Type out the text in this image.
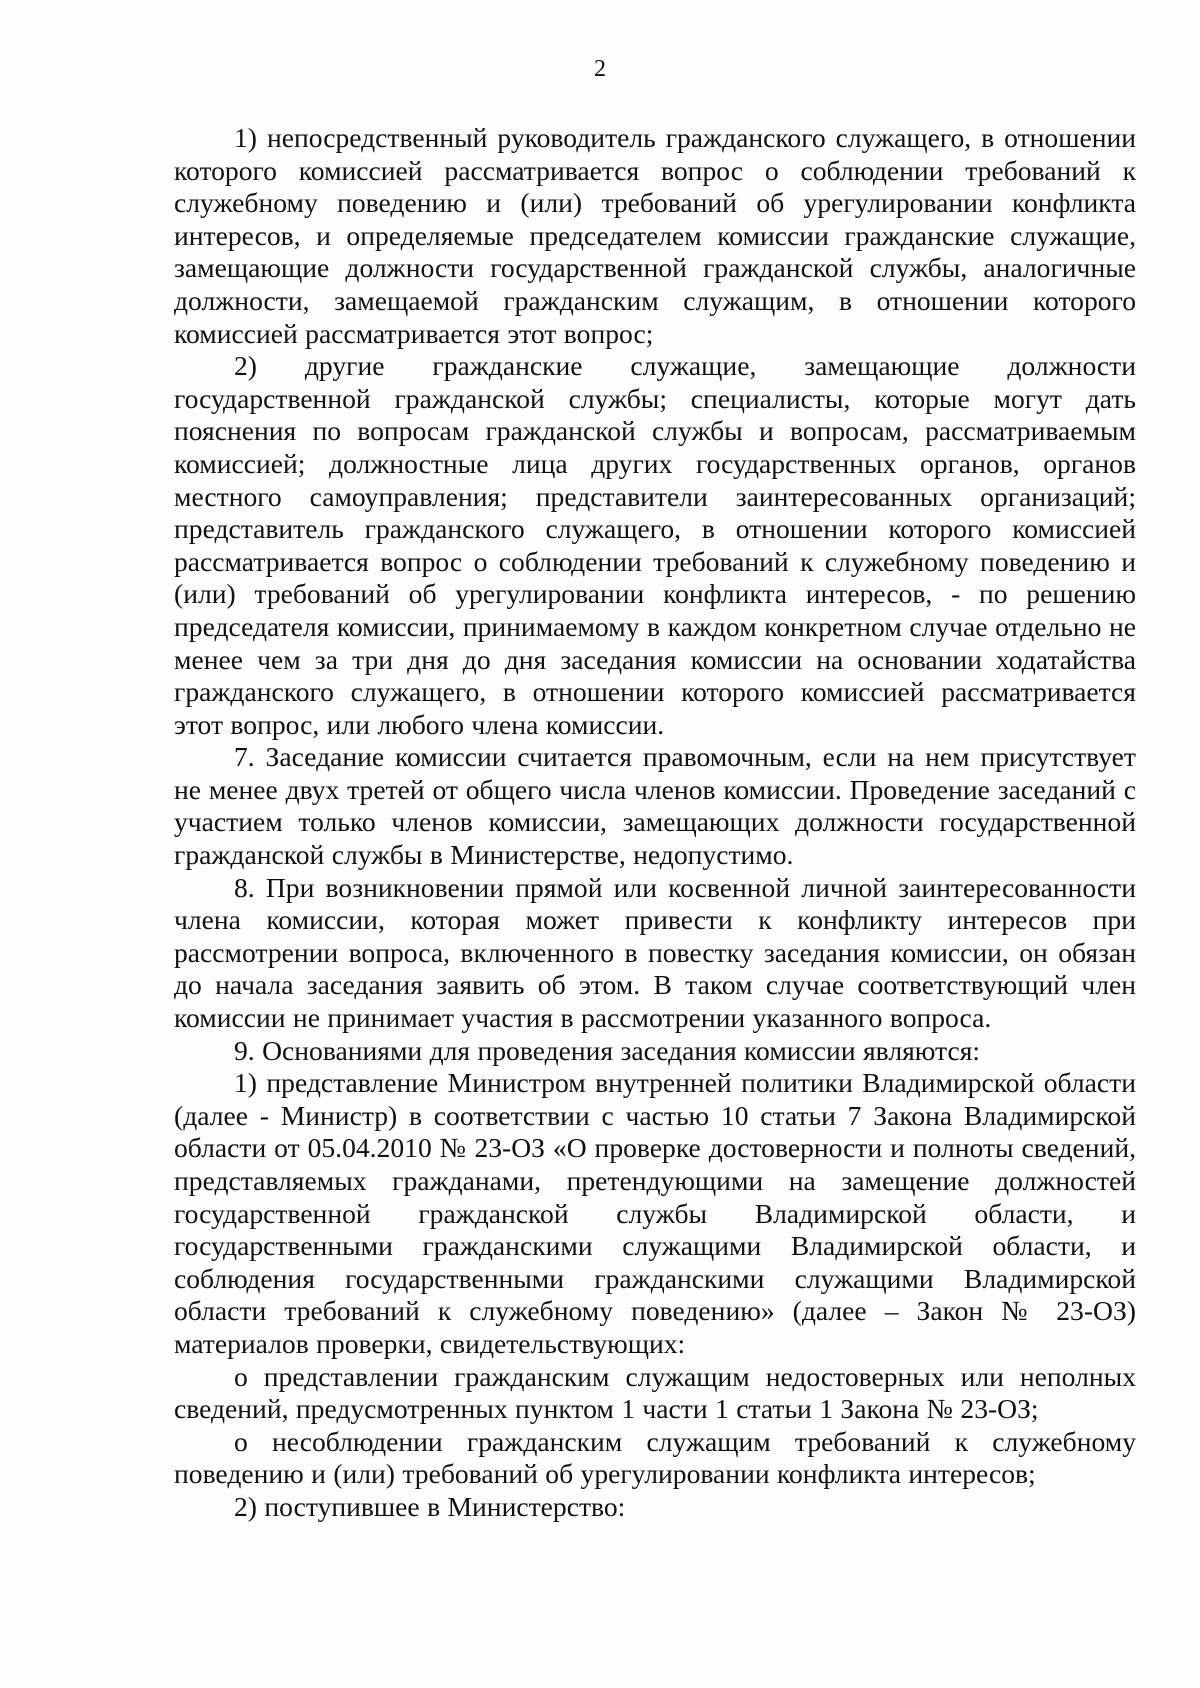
2

1) непосредственный руководитель гражданского служащего, в отношении которого комиссией рассматривается вопрос о соблюдении требований к служебному поведению и (или) требований об урегулировании конфликта интересов, и определяемые председателем комиссии гражданские служащие, замещающие должности государственной гражданской службы, аналогичные должности, замещаемой гражданским служащим, в отношении которого комиссией рассматривается этот вопрос;

2) другие гражданские служащие, замещающие должности государственной гражданской службы; специалисты, которые могут дать пояснения по вопросам гражданской службы и вопросам, рассматриваемым комиссией; должностные лица других государственных органов, органов местного самоуправления; представители заинтересованных организаций; представитель гражданского служащего, в отношении которого комиссией рассматривается вопрос о соблюдении требований к служебному поведению и (или) требований об урегулировании конфликта интересов, - по решению председателя комиссии, принимаемому в каждом конкретном случае отдельно не менее чем за три дня до дня заседания комиссии на основании ходатайства гражданского служащего, в отношении которого комиссией рассматривается этот вопрос, или любого члена комиссии.

7. Заседание комиссии считается правомочным, если на нем присутствует не менее двух третей от общего числа членов комиссии. Проведение заседаний с участием только членов комиссии, замещающих должности государственной гражданской службы в Министерстве, недопустимо.

8. При возникновении прямой или косвенной личной заинтересованности члена комиссии, которая может привести к конфликту интересов при рассмотрении вопроса, включенного в повестку заседания комиссии, он обязан до начала заседания заявить об этом. В таком случае соответствующий член комиссии не принимает участия в рассмотрении указанного вопроса.

9. Основаниями для проведения заседания комиссии являются:

1) представление Министром внутренней политики Владимирской области (далее - Министр) в соответствии с частью 10 статьи 7 Закона Владимирской области от 05.04.2010 № 23-ОЗ «О проверке достоверности и полноты сведений, представляемых гражданами, претендующими на замещение должностей государственной гражданской службы Владимирской области, и государственными гражданскими служащими Владимирской области, и соблюдения государственными гражданскими служащими Владимирской области требований к служебному поведению» (далее – Закон № 23-ОЗ) материалов проверки, свидетельствующих:

о представлении гражданским служащим недостоверных или неполных сведений, предусмотренных пунктом 1 части 1 статьи 1 Закона № 23-ОЗ;

о несоблюдении гражданским служащим требований к служебному поведению и (или) требований об урегулировании конфликта интересов;

2) поступившее в Министерство:
